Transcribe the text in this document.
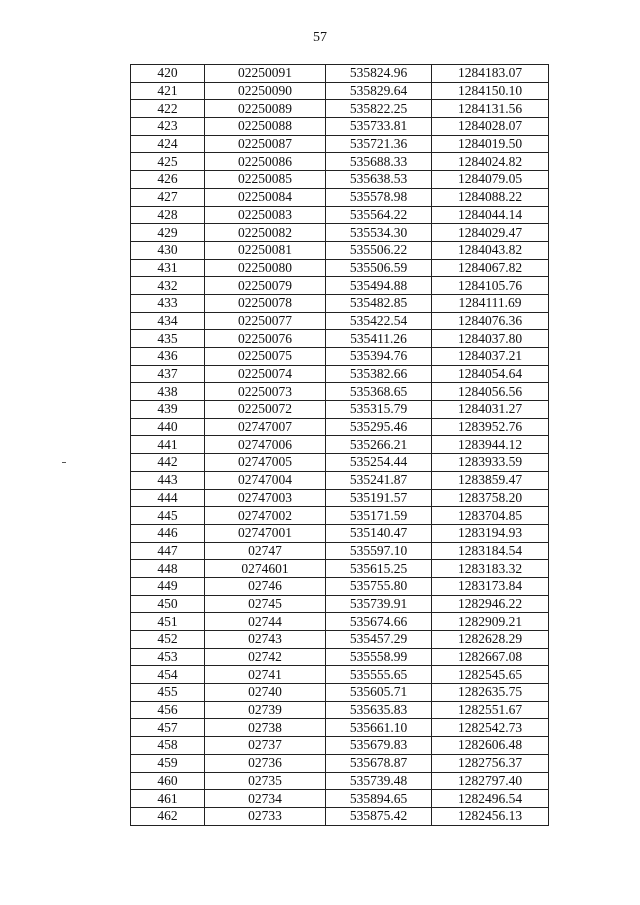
57
420	02250091	535824.96	1284183.07
421	02250090	535829.64	1284150.10
422	02250089	535822.25	1284131.56
423	02250088	535733.81	1284028.07
424	02250087	535721.36	1284019.50
425	02250086	535688.33	1284024.82
426	02250085	535638.53	1284079.05
427	02250084	535578.98	1284088.22
428	02250083	535564.22	1284044.14
429	02250082	535534.30	1284029.47
430	02250081	535506.22	1284043.82
431	02250080	535506.59	1284067.82
432	02250079	535494.88	1284105.76
433	02250078	535482.85	1284111.69
434	02250077	535422.54	1284076.36
435	02250076	535411.26	1284037.80
436	02250075	535394.76	1284037.21
437	02250074	535382.66	1284054.64
438	02250073	535368.65	1284056.56
439	02250072	535315.79	1284031.27
440	02747007	535295.46	1283952.76
441	02747006	535266.21	1283944.12
442	02747005	535254.44	1283933.59
443	02747004	535241.87	1283859.47
444	02747003	535191.57	1283758.20
445	02747002	535171.59	1283704.85
446	02747001	535140.47	1283194.93
447	02747	535597.10	1283184.54
448	0274601	535615.25	1283183.32
449	02746	535755.80	1283173.84
450	02745	535739.91	1282946.22
451	02744	535674.66	1282909.21
452	02743	535457.29	1282628.29
453	02742	535558.99	1282667.08
454	02741	535555.65	1282545.65
455	02740	535605.71	1282635.75
456	02739	535635.83	1282551.67
457	02738	535661.10	1282542.73
458	02737	535679.83	1282606.48
459	02736	535678.87	1282756.37
460	02735	535739.48	1282797.40
461	02734	535894.65	1282496.54
462	02733	535875.42	1282456.13
